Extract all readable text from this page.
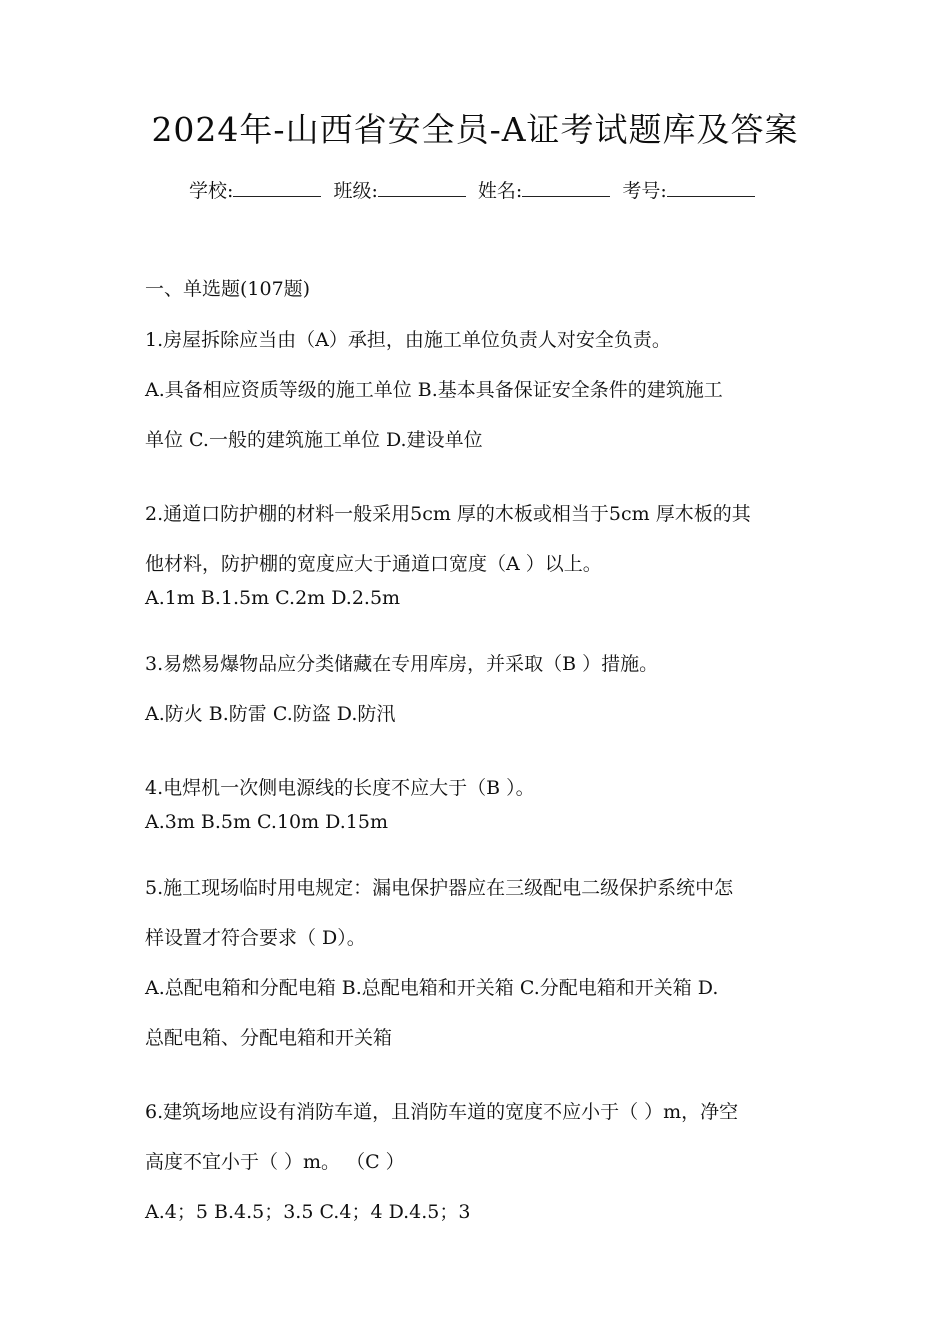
2024年-山西省安全员-A证考试题库及答案
学校:	班级:	姓名:	考号:
一、单选题(107题)
1.房屋拆除应当由（A）承担，由施工单位负责人对安全负责。
A.具备相应资质等级的施工单位 B.基本具备保证安全条件的建筑施工
单位 C.一般的建筑施工单位 D.建设单位
2.通道口防护棚的材料一般采用5cm 厚的木板或相当于5cm 厚木板的其
他材料，防护棚的宽度应大于通道口宽度（A ）以上。
A.1m B.1.5m C.2m D.2.5m
3.易燃易爆物品应分类储藏在专用库房，并采取（B ）措施。
A.防火 B.防雷 C.防盗 D.防汛
4.电焊机一次侧电源线的长度不应大于（B ）。
A.3m B.5m C.10m D.15m
5.施工现场临时用电规定：漏电保护器应在三级配电二级保护系统中怎
样设置才符合要求（ D）。
A.总配电箱和分配电箱 B.总配电箱和开关箱 C.分配电箱和开关箱 D.
总配电箱、分配电箱和开关箱
6.建筑场地应设有消防车道，且消防车道的宽度不应小于（ ）m，净空
高度不宜小于（ ）m。 （C ）
A.4；5 B.4.5；3.5 C.4；4 D.4.5；3
